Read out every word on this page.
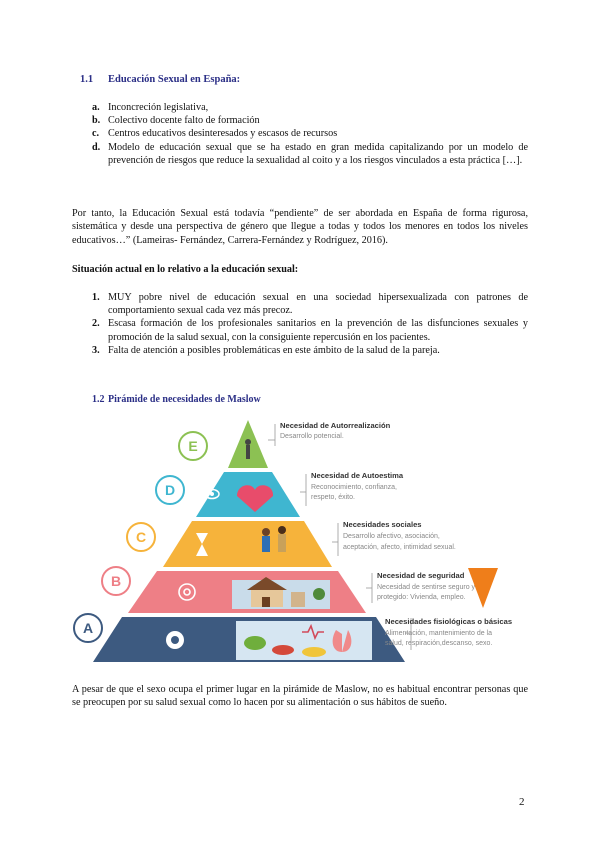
1.1 Educación Sexual en España:
a. Inconcreción legislativa,
b. Colectivo docente falto de formación
c. Centros educativos desinteresados y escasos de recursos
d. Modelo de educación sexual que se ha estado en gran medida capitalizando por un modelo de prevención de riesgos que reduce la sexualidad al coito y a los riesgos vinculados a esta práctica […].

Por tanto, la Educación Sexual está todavía “pendiente” de ser abordada en España de forma rigurosa, sistemática y desde una perspectiva de género que llegue a todas y todos los menores en todos los niveles educativos…” (Lameiras- Fernández, Carrera-Fernández y Rodríguez, 2016).

Situación actual en lo relativo a la educación sexual:
1. MUY pobre nivel de educación sexual en una sociedad hipersexualizada con patrones de comportamiento sexual cada vez más precoz.
2. Escasa formación de los profesionales sanitarios en la prevención de las disfunciones sexuales y promoción de la salud sexual, con la consiguiente repercusión en los pacientes.
3. Falta de atención a posibles problemáticas en este ámbito de la salud de la pareja.
1.2 Pirámide de necesidades de Maslow
E
Necesidad de Autorrealización
Desarrollo potencial.
D
Necesidad de Autoestima
Reconocimiento, confianza,
respeto, éxito.
C
Necesidades sociales
Desarrollo afectivo, asociación,
aceptación, afecto, intimidad sexual.
B	Necesidad de seguridad
Necesidad de sentirse seguro y
protegido: Vivienda, empleo.
A	Necesidades fisiológicas o básicas
Alimentación, mantenimiento de la
salud, respiración,descanso, sexo.

A pesar de que el sexo ocupa el primer lugar en la pirámide de Maslow, no es habitual encontrar personas que se preocupen por su salud sexual como lo hacen por su alimentación o sus hábitos de sueño.

2
